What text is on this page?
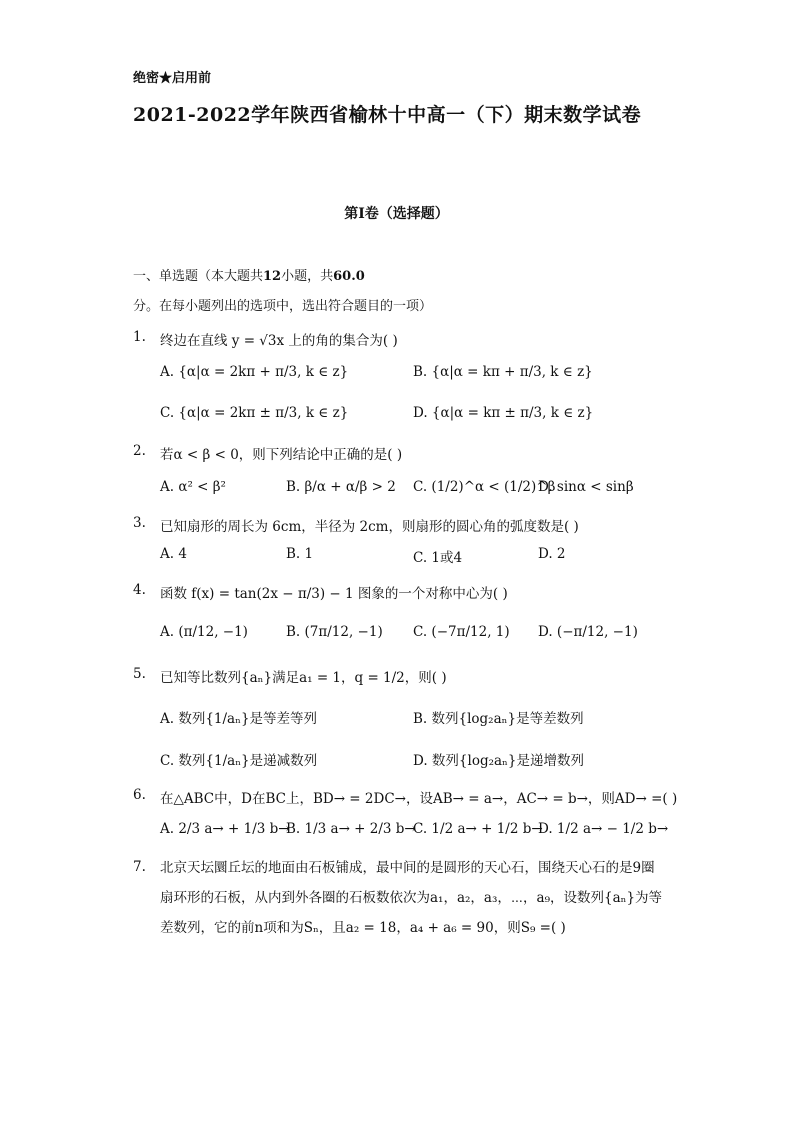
绝密★启用前
2021-2022学年陕西省榆林十中高一（下）期末数学试卷
第Ⅰ卷（选择题）
一、单选题（本大题共12小题，共60.0分。在每小题列出的选项中，选出符合题目的一项）
1. 终边在直线 y = √3x 上的角的集合为( )
A. {α|α = 2kπ + π/3, k ∈ z}	B. {α|α = kπ + π/3, k ∈ z}
C. {α|α = 2kπ ± π/3, k ∈ z}	D. {α|α = kπ ± π/3, k ∈ z}
2. 若α < β < 0，则下列结论中正确的是( )
A. α² < β²	B. β/α + α/β > 2 C. (1/2)^α < (1/2)^β
D. sinα < sinβ
3. 已知扇形的周长为 6cm，半径为 2cm，则扇形的圆心角的弧度数是( )
A. 4	B. 1	C. 1或4	D. 2
4. 函数 f(x) = tan(2x − π/3) − 1 图象的一个对称中心为( )
A. (π/12, −1)	B. (7π/12, −1) C. (−7π/12, 1) D. (−π/12, −1)
5. 已知等比数列{aₙ}满足a₁ = 1，q = 1/2，则( )
A. 数列{1/aₙ}是等差等列	B. 数列{log₂aₙ}是等差数列
C. 数列{1/aₙ}是递减数列	D. 数列{log₂aₙ}是递增数列
6. 在△ABC中，D在BC上，BD→ = 2DC→，设AB→ = a→，AC→ = b→，则AD→ =( )
A. 2/3 a→ + 1/3 b→
B. 1/3 a→ + 2/3 b→
C. 1/2 a→ + 1/2 b→
D. 1/2 a→ − 1/2 b→
7. 北京天坛圜丘坛的地面由石板铺成，最中间的是圆形的天心石，围绕天心石的是9圈扇环形的石板，从内到外各圈的石板数依次为a₁，a₂，a₃，⋯，a₉，设数列{aₙ}为等差数列，它的前n项和为Sₙ，且a₂ = 18，a₄ + a₆ = 90，则S₉ =( )
